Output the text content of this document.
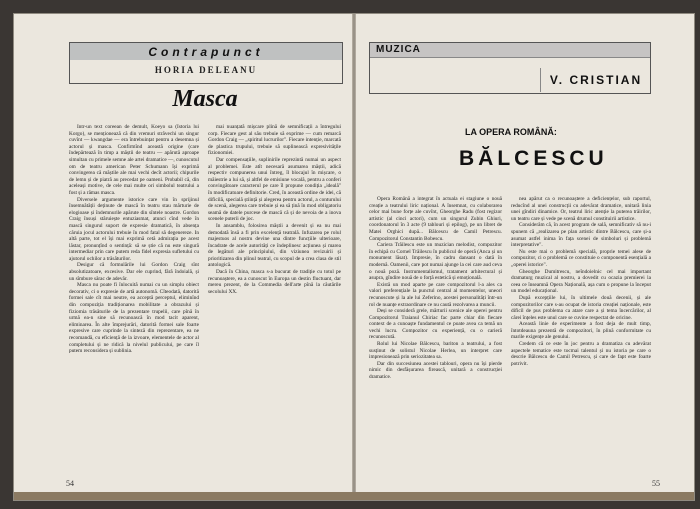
Contrapunct
HORIA DELEANU
Masca

Intr-un text coreean de demult, Koeyo sa (Istoria lui Korgo), se menționează că din vremuri străvechi un singur cuvînt — kwangdae — era întrebuințat pentru a desemna și actorul și masca. Confirmînd această origine (care îndepărtează în timp a măștii de teatru — apărută aproape simultan cu primele semne ale artei dramatice —, cunoscutul om de teatru american Peter Schumann își exprimă convingerea că măștile ale mai vechi decît actorii; chipurile de lemn și de piatră au precedat pe oameni. Probabil că, din aceleași motive, de cele mai multe ori simbolul teatrului a fost și a rămas masca.

Diversele argumente istorice care vin în sprijinul însemnătății deținute de mască în teatru stau mărturie de elogioase și îndemnurile apărute din sîntele noastre. Gordon Craig însuși stăruiește entuziasmat, atunci cînd vede în mască singurul suport de expresie dramatică, în absența căruia jocul actorului trebuie în mod fatal să degenereze. In altă parte, tot el își mai exprimă cetă admirația pe acest lăstar, pronunțînd o sentință: să se știe că nu este singură intermediar prin care putem reda fidel expresia sufletului cu ajutorul ochilor a trăsăturilor.

Desigur că formulările lui Gordon Craig sînt absolutizatoare, excesive. Dar ele cuprind, fără îndoială, și un sîmbure sărac de adevăr.

Masca nu poate fi înlocuită numai cu un simplu obiect decorativ, ci o expresie de artă autonomă. Cîteodată, datorită formei sale cît mai neutre, ea acceptă perceptul, eliminînd din compoziția tradiționarea mobilitate a obrazului și fiziomia trăsăturile de la prezentare trupelii, care pînă în urmă ea-n sine să recunoască în mod tacit aparent, eliminarea. În alte împrejurări, datorită formei sale foarte expresive care cuprinde la sinteză din reprezentare, ea ne recomandă, cu eficiență de la izvoare, elementele de actor al completului și ne ridică la nivelul publicului, pe care îl putem reconsidera și sublinia.

mai nuanțată mișcare plină de semnificații a întregului corp. Fiecare gest al său trebuie să exprime — cum remarcă Gordon Craig — „spiritul lucrurilor". Fiecare intenție, marcată de plastica trupului, trebuie să suplinească expresivitățile fizionomiei.

Dar compensațiile, suplinirile reprezintă numai un aspect al problemei. Este atît necesară asumarea măștii, adică respectiv compunerea unui întreg, îl blocajul în mișcare, o măiestrie a lui să, și altfel de emisiune vocală, pentru a conferi convingătoare caracterul pe care îl propune condiția „ideală" în modificatoare definitorie. Cred, în această ordine de idei, că dificilă, specială știință și alegerea pentru actorul, a conturului de scenă, alegerea care trebuie și ea să țină în mod obligatoriu seamă de datele purcese de mască că și de nevoia de a inova scenele puterii de joc.

In ansamblu, folosirea măștii a devenit și ea nu mai demodată însă a fi prin excelență teatrală. Infuzarea pe rolul majestuos al nostru devine una dintre funcțiile ulterioare, încadrate de acele autorități ce îndeplinesc acțiunea și marea de legături ale principiului, din viziunea revizuirii și prioritizarea din plinul teatral, cu scopul de a crea clasa de stil antologică.

Dacă în China, masca s-a bucurat de tradiție cu totul pe recunoaștere, ea a cunoscut în Europa un destin fluctuant, dar mereu prezent, de la Commedia dell'arte pînă la căutările secolului XX.

54
MUZICA
V. CRISTIAN
LA OPERA ROMÂNĂ:
BĂLCESCU

Opera Română a integrat în actuala ei stagiune o nouă creație a teatrului liric național. A însemnat, cu colaborarea celor mai bune forțe ale cuvînt, Gheorghe Radu (fost regizor artistic (al cinci actori), cum un singurul Zubin Ghiuri, coordonatorul în 3 acte (9 tablouri și epilog), pe un libret de Matei Orghici după... Bălcescu de Camil Petrescu. Compozitorul Constantin Bobescu.

Cariera Trăilescu este un muzician melodist, compozitor în echipă cu Cornel Trăilescu în publicul de operă (Anca și un monument lăsat). Impresie, în cadru dansant o dată în modernă. Oamenii, care pot numai ajunge la cei care aud ceva o nouă poză. Instrumentalismul, tratament arhitectural și asupra, gîndire nouă de o forță estetică și emoțională.

Există un mod aparte pe care compozitorul l-a ales ca valori preferențiale la punctul central al momentelor, uneori recunoscute și la ale lui Zeferino, acestei personalități într-un rol de nuanțe extraordinare ce nu caută rezolvarea a muncii.

Deși se consideră grele, mărturii scenice ale operei pentru Compozitorul Traianul Chiriac fac parte chiar din fiecare context de a cunoaște fundamentul ce poate avea ca temă un vechi lucru. Compozitor cu experiență, cu o carieră recunoscută.

Rolul lui Nicolae Bălcescu, bariton a teatrului, a fost susținut de solistul Nicolae Herlea, un interpret care impresionează prin seriozitatea sa.

Dar din succesiunea acestei tablouri, opera nu își pierde nimic din desfășurarea firească, unitară a construcției dramatice.

nea apărut ca o recunoaștere a deficiențelor, sub raportul, reducînd al unei construcții cu adevărat dramatice, unitară linia unei gîndiri dinamice. Or, teatrul liric atenție la puterea trăirilor, un teatru care și vede pe scenă drumul constituirii artistice.

Considerăm că, în acest program de sală, semnificativ să nu-i spunem că „realizarea pe plan artistic dintre Bălcescu, care și-a asumat astfel inima în fața scenei de simboluri și problemă interpretative".

Nu este mai o problemă specială, proprie temei alese de compozitor, ci o problemă ce constituie o componentă esențială a „operei istorice".

Gheorghe Dumitrescu, neîndoielnic cel mai important dramaturg muzical al nostru, a dovedit cu ocazia premierei la ceea ce înseamnă Opera Națională, așa cum o propune la început un model educațional.

După excepțiile lui, în ultimele două decenii, și ale compozitorilor care s-au ocupat de istoria creației naționale, este dificil de pus problema ca atare care a și tema încercărilor, al cărei înțeles este unul care se cuvine respectat de oricine.

Această linie de experimente a fost deja de mult timp, întotdeauna prezentă de compozitori, în plină conformitate cu marile exigențe ale genului.

Credem că ce este în joc pentru a dramatiza cu adevărat aspectele tematice este tocmai talentul și nu istoria pe care o descrie Bălcescu de Camil Petrescu, și care de fapt este foarte potrivit.

55
